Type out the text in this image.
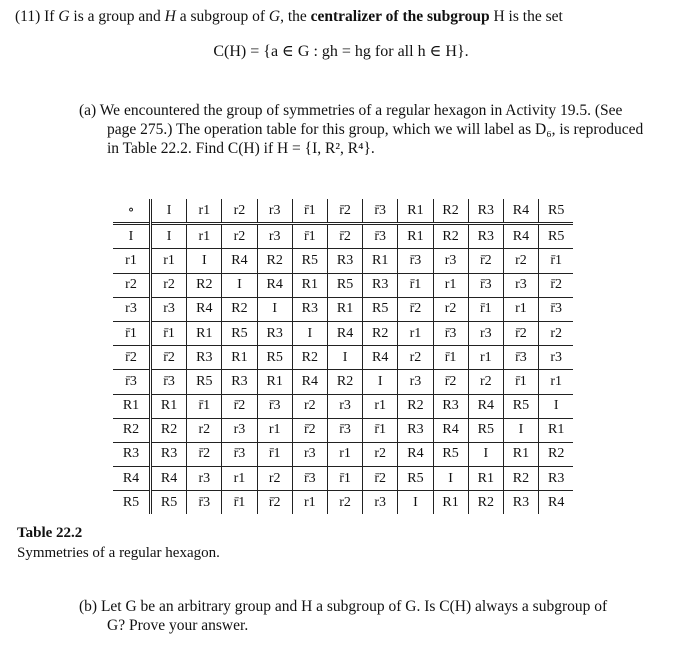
(11) If G is a group and H a subgroup of G, the centralizer of the subgroup H is the set
C(H) = {a ∈ G : gh = hg for all h ∈ H}.
(a) We encountered the group of symmetries of a regular hexagon in Activity 19.5. (See
page 275.) The operation table for this group, which we will label as D₆, is reproduced
in Table 22.2. Find C(H) if H = {I, R², R⁴}.
∘	I	r1	r2	r3	r̄1	r̄2	r̄3	R1	R2	R3	R4	R5
I	I	r1	r2	r3	r̄1	r̄2	r̄3	R1	R2	R3	R4	R5
r1	r1	I	R4	R2	R5	R3	R1	r̄3	r3	r̄2	r2	r̄1
r2	r2	R2	I	R4	R1	R5	R3	r̄1	r1	r̄3	r3	r̄2
r3	r3	R4	R2	I	R3	R1	R5	r̄2	r2	r̄1	r1	r̄3
r̄1	r̄1	R1	R5	R3	I	R4	R2	r1	r̄3	r3	r̄2	r2
r̄2	r̄2	R3	R1	R5	R2	I	R4	r2	r̄1	r1	r̄3	r3
r̄3	r̄3	R5	R3	R1	R4	R2	I	r3	r̄2	r2	r̄1	r1
R1	R1	r̄1	r̄2	r̄3	r2	r3	r1	R2	R3	R4	R5	I
R2	R2	r2	r3	r1	r̄2	r̄3	r̄1	R3	R4	R5	I	R1
R3	R3	r̄2	r̄3	r̄1	r3	r1	r2	R4	R5	I	R1	R2
R4	R4	r3	r1	r2	r̄3	r̄1	r̄2	R5	I	R1	R2	R3
R5	R5	r̄3	r̄1	r̄2	r1	r2	r3	I	R1	R2	R3	R4
Table 22.2
Symmetries of a regular hexagon.
(b) Let G be an arbitrary group and H a subgroup of G. Is C(H) always a subgroup of
G? Prove your answer.
